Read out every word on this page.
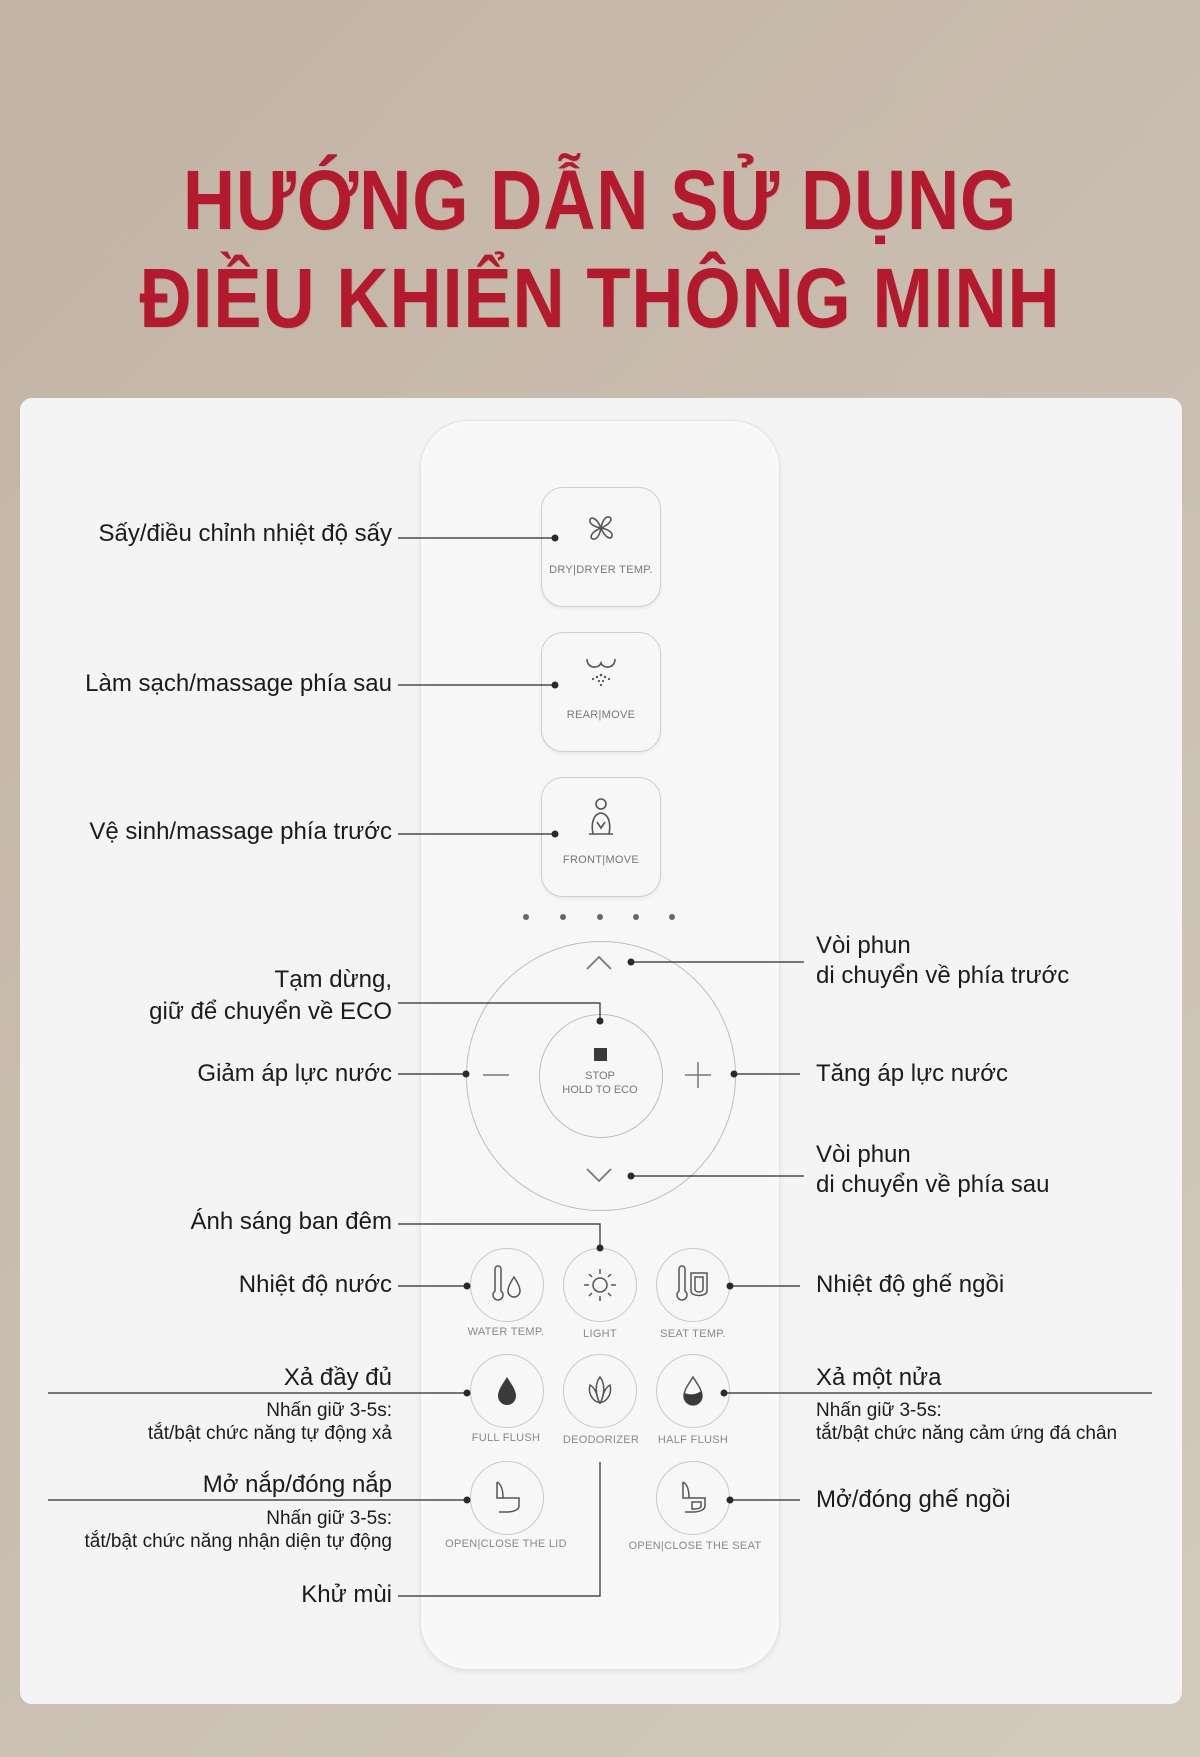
HƯỚNG DẪN SỬ DỤNG
ĐIỀU KHIỂN THÔNG MINH
DRY|DRYER TEMP.
REAR|MOVE
FRONT|MOVE
STOP
HOLD TO ECO
WATER TEMP.	LIGHT	SEAT TEMP.
FULL FLUSH	DEODORIZER	HALF FLUSH
OPEN|CLOSE THE LID	OPEN|CLOSE THE SEAT
Sấy/điều chỉnh nhiệt độ sấy
Làm sạch/massage phía sau
Vệ sinh/massage phía trước
Tạm dừng,
giữ để chuyển về ECO
Giảm áp lực nước
Ánh sáng ban đêm
Nhiệt độ nước
Xả đầy đủ
Nhấn giữ 3-5s:
tắt/bật chức năng tự động xả
Mở nắp/đóng nắp
Nhấn giữ 3-5s:
tắt/bật chức năng nhận diện tự động
Khử mùi
Vòi phun
di chuyển về phía trước
Tăng áp lực nước
Vòi phun
di chuyển về phía sau
Nhiệt độ ghế ngồi
Xả một nửa
Nhấn giữ 3-5s:
tắt/bật chức năng cảm ứng đá chân
Mở/đóng ghế ngồi
